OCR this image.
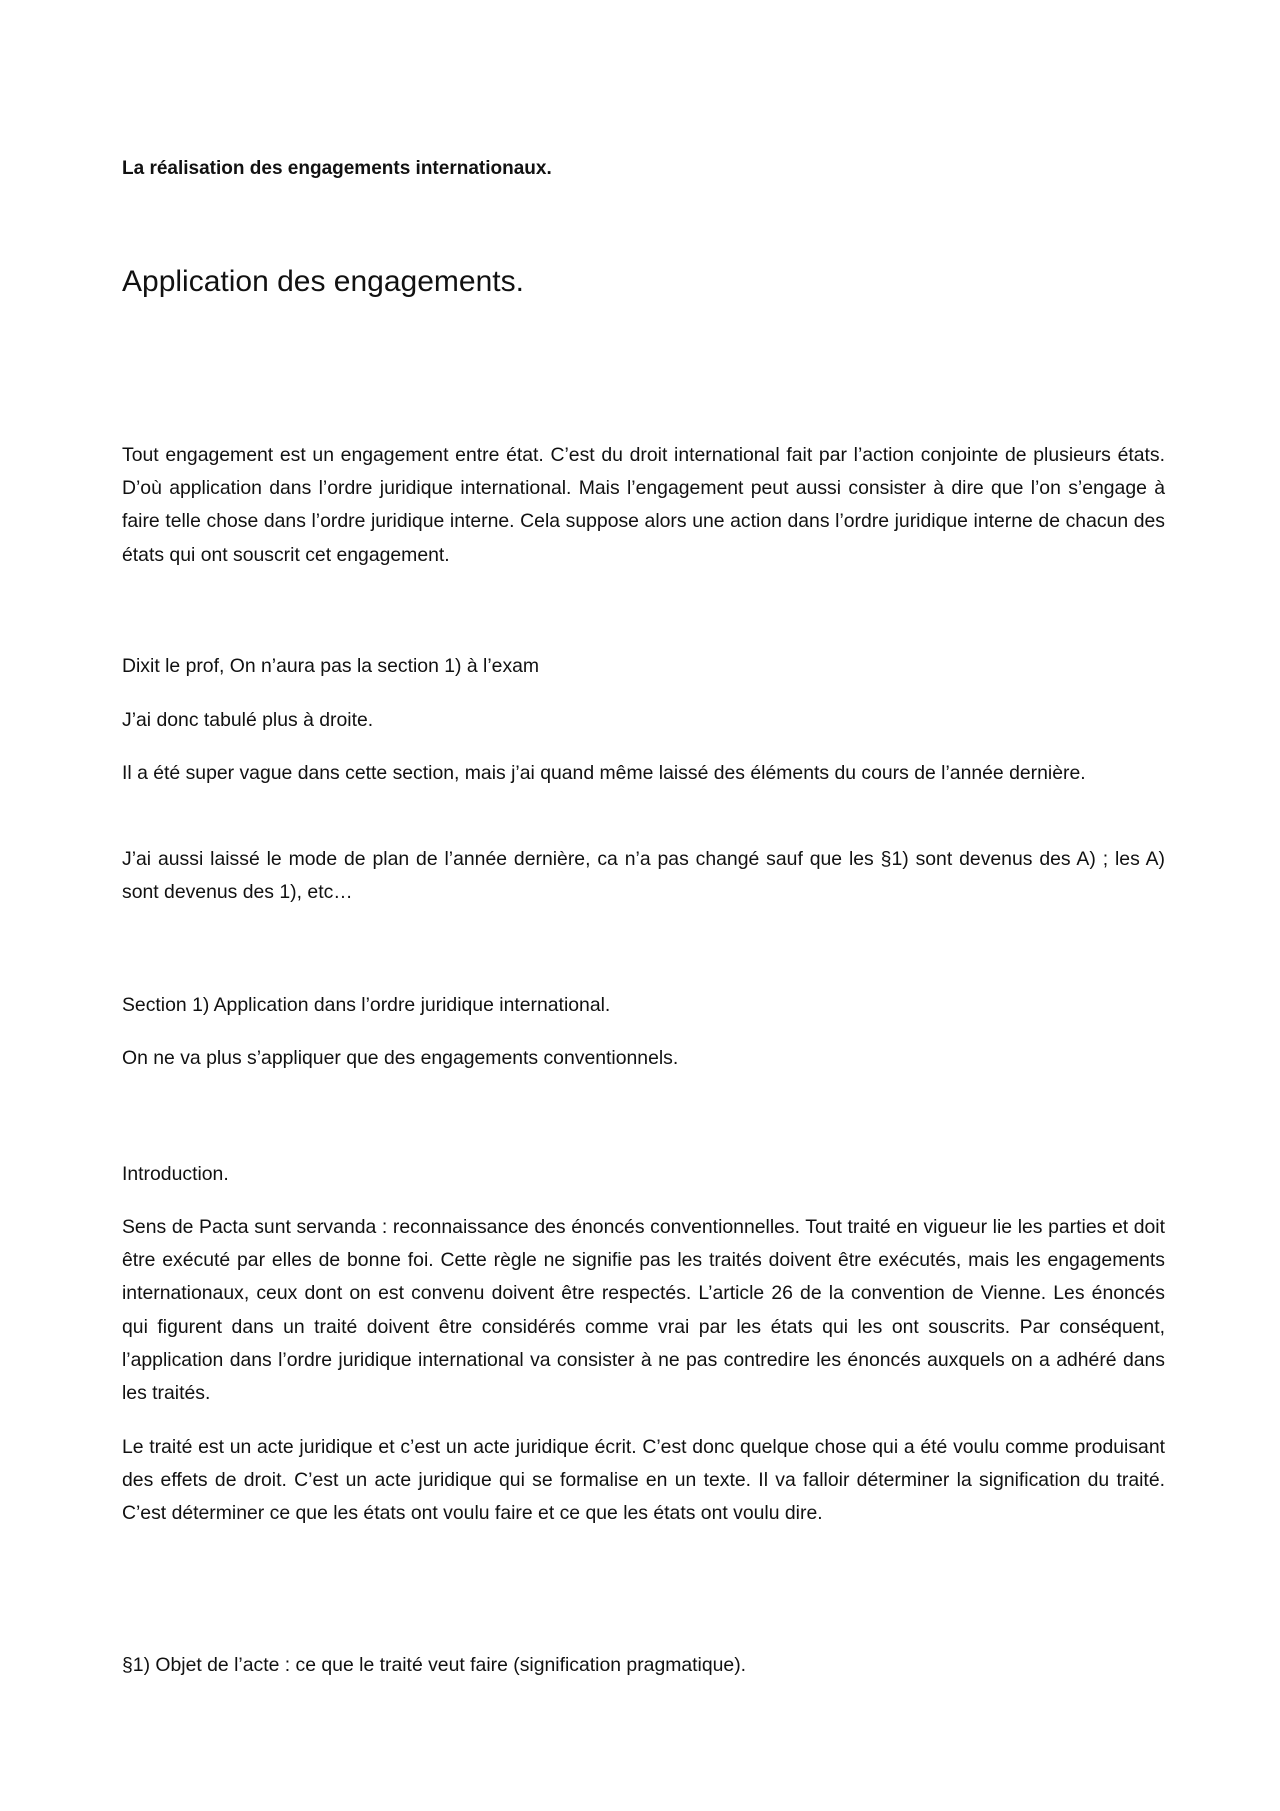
La réalisation des engagements internationaux.

Application des engagements.

Tout engagement est un engagement entre état. C’est du droit international fait par l’action conjointe de plusieurs états. D’où application dans l’ordre juridique international. Mais l’engagement peut aussi consister à dire que l’on s’engage à faire telle chose dans l’ordre juridique interne. Cela suppose alors une action dans l’ordre juridique interne de chacun des états qui ont souscrit cet engagement.

Dixit le prof, On n’aura pas la section 1) à l’exam

J’ai donc tabulé plus à droite.

Il a été super vague dans cette section, mais j’ai quand même laissé des éléments du cours de l’année dernière.

J’ai aussi laissé le mode de plan de l’année dernière, ca n’a pas changé sauf que les §1) sont devenus des A) ; les A) sont devenus des 1), etc…

Section 1) Application dans l’ordre juridique international.

On ne va plus s’appliquer que des engagements conventionnels.

Introduction.

Sens de Pacta sunt servanda : reconnaissance des énoncés conventionnelles. Tout traité en vigueur lie les parties et doit être exécuté par elles de bonne foi. Cette règle ne signifie pas les traités doivent être exécutés, mais les engagements internationaux, ceux dont on est convenu doivent être respectés. L’article 26 de la convention de Vienne. Les énoncés qui figurent dans un traité doivent être considérés comme vrai par les états qui les ont souscrits. Par conséquent, l’application dans l’ordre juridique international va consister à ne pas contredire les énoncés auxquels on a adhéré dans les traités.

Le traité est un acte juridique et c’est un acte juridique écrit. C’est donc quelque chose qui a été voulu comme produisant des effets de droit. C’est un acte juridique qui se formalise en un texte. Il va falloir déterminer la signification du traité. C’est déterminer ce que les états ont voulu faire et ce que les états ont voulu dire.

§1) Objet de l’acte : ce que le traité veut faire (signification pragmatique).
